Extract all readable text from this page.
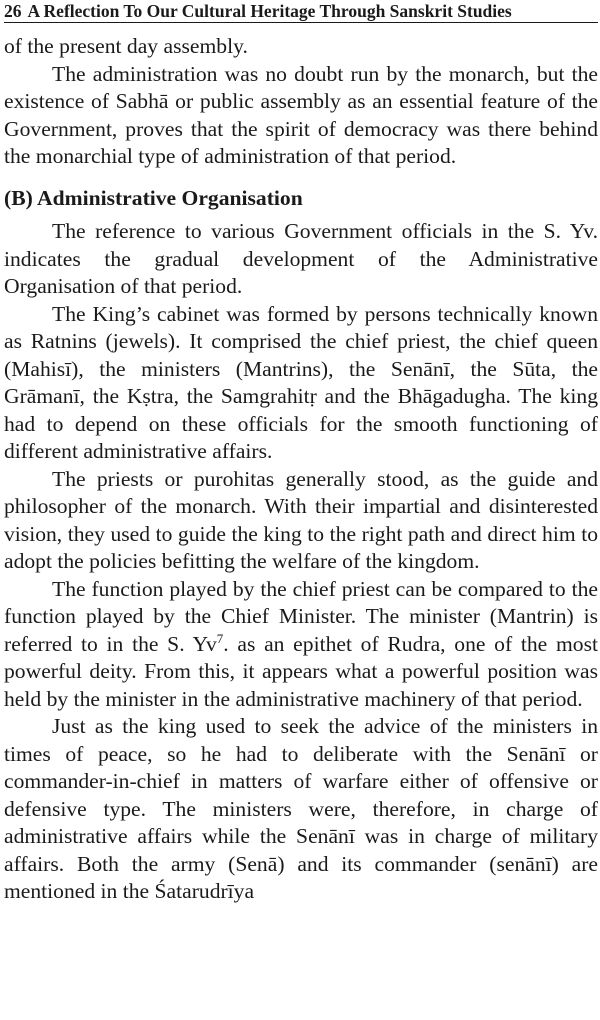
26 A Reflection To Our Cultural Heritage Through Sanskrit Studies

of the present day assembly.

The administration was no doubt run by the monarch, but the existence of Sabhā or public assembly as an essential feature of the Government, proves that the spirit of democracy was there behind the monarchial type of administration of that period.

(B) Administrative Organisation

The reference to various Government officials in the S. Yv. indicates the gradual development of the Administrative Organisation of that period.

The King’s cabinet was formed by persons technically known as Ratnins (jewels). It comprised the chief priest, the chief queen (Mahisī), the ministers (Mantrins), the Senānī, the Sūta, the Grāmanī, the Kṣtra, the Samgrahitṛ and the Bhāgadugha. The king had to depend on these officials for the smooth functioning of different administrative affairs.

The priests or purohitas generally stood, as the guide and philosopher of the monarch. With their impartial and disinterested vision, they used to guide the king to the right path and direct him to adopt the policies befitting the welfare of the kingdom.

The function played by the chief priest can be compared to the function played by the Chief Minister. The minister (Mantrin) is referred to in the S. Yv$^7$. as an epithet of Rudra, one of the most powerful deity. From this, it appears what a powerful position was held by the minister in the administrative machinery of that period.

Just as the king used to seek the advice of the ministers in times of peace, so he had to deliberate with the Senānī or commander-in-chief in matters of warfare either of offensive or defensive type. The ministers were, therefore, in charge of administrative affairs while the Senānī was in charge of military affairs. Both the army (Senā) and its commander (senānī) are mentioned in the Śatarudrīya
